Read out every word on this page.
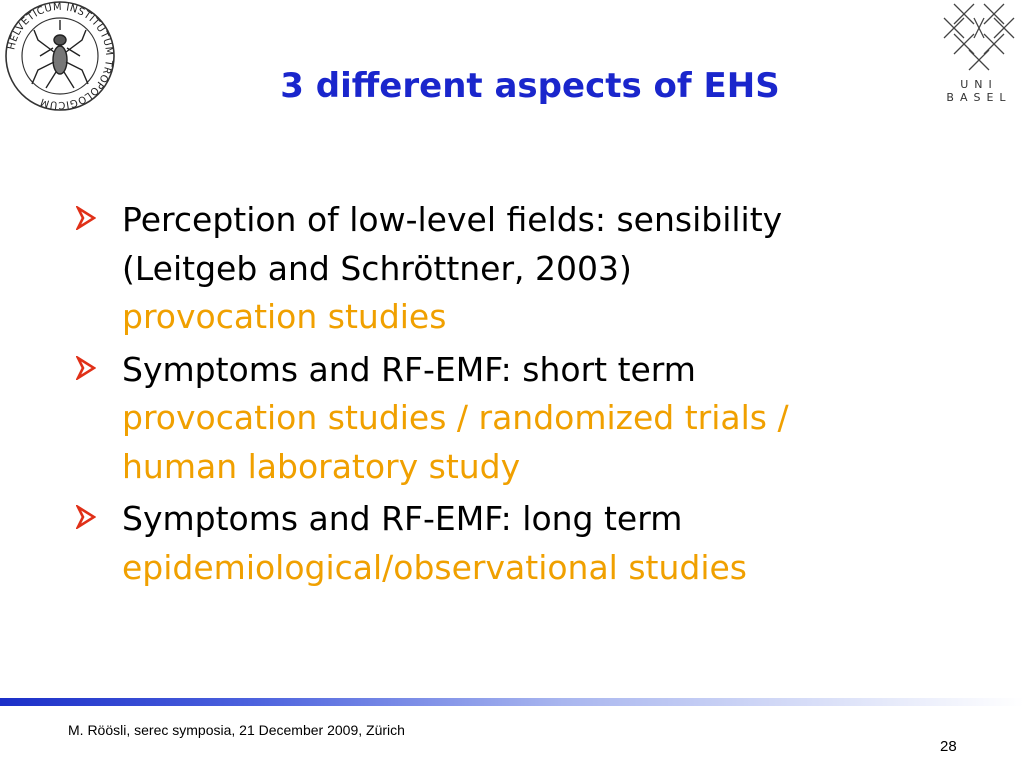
HELVETICUM INSTITUTUM TROPOLOGICUM
UNI
BASEL
3 different aspects of EHS
Perception of low-level fields: sensibility
(Leitgeb and Schröttner, 2003)
provocation studies
Symptoms and RF-EMF: short term
provocation studies / randomized trials /
human laboratory study
Symptoms and RF-EMF: long term
epidemiological/observational studies
M. Röösli, serec symposia, 21 December 2009, Zürich
28
